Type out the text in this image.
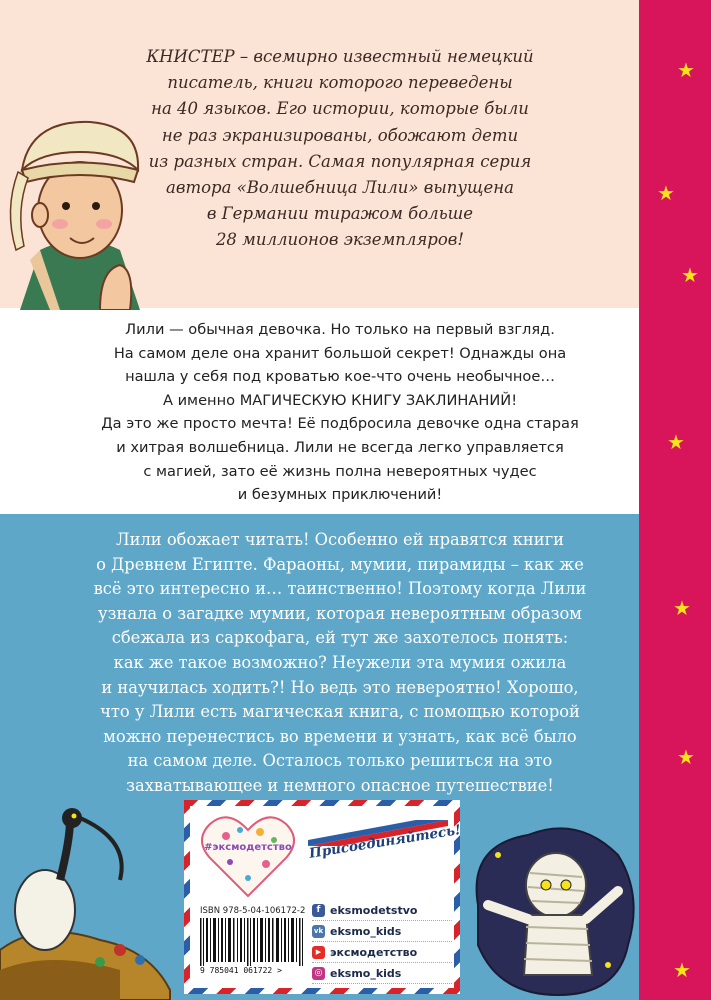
★
★
★
★
★
★
★
КНИСТЕР – всемирно известный немецкий
писатель, книги которого переведены
на 40 языков. Его истории, которые были
не раз экранизированы, обожают дети
из разных стран. Самая популярная серия
автора «Волшебница Лили» выпущена
в Германии тиражом больше
28 миллионов экземпляров!
Лили — обычная девочка. Но только на первый взгляд.
На самом деле она хранит большой секрет! Однажды она
нашла у себя под кроватью кое-что очень необычное…
А именно МАГИЧЕСКУЮ КНИГУ ЗАКЛИНАНИЙ!
Да это же просто мечта! Её подбросила девочке одна старая
и хитрая волшебница. Лили не всегда легко управляется
с магией, зато её жизнь полна невероятных чудес
и безумных приключений!
Лили обожает читать! Особенно ей нравятся книги
о Древнем Египте. Фараоны, мумии, пирамиды – как же
всё это интересно и… таинственно! Поэтому когда Лили
узнала о загадке мумии, которая невероятным образом
сбежала из саркофага, ей тут же захотелось понять:
как же такое возможно? Неужели эта мумия ожила
и научилась ходить?! Но ведь это невероятно! Хорошо,
что у Лили есть магическая книга, с помощью которой
можно перенестись во времени и узнать, как всё было
на самом деле. Осталось только решиться на это
захватывающее и немного опасное путешествие!
#эксмодетство Присоединяйтесь!
ISBN 978-5-04-106172-2
9 785041 061722 >
f eksmodetstvo
vk eksmo_kids
▶ эксмодетство
◎ eksmo_kids
